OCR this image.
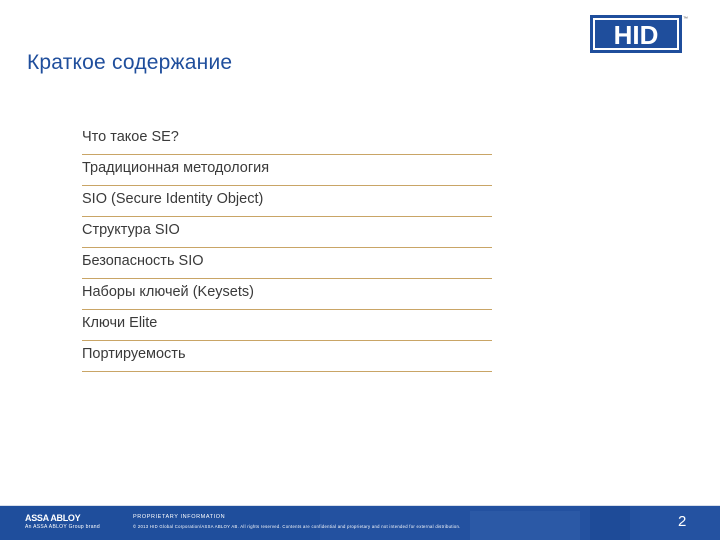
Краткое содержание
HID
™
Что такое SE?
Традиционная методология
SIO (Secure Identity Object)
Структура SIO
Безопасность SIO
Наборы ключей (Keysets)
Ключи Elite
Портируемость
ASSA ABLOY
An ASSA ABLOY Group brand
PROPRIETARY INFORMATION
© 2013 HID Global Corporation/ASSA ABLOY AB. All rights reserved. Contents are confidential and proprietary and not intended for external distribution.	2
